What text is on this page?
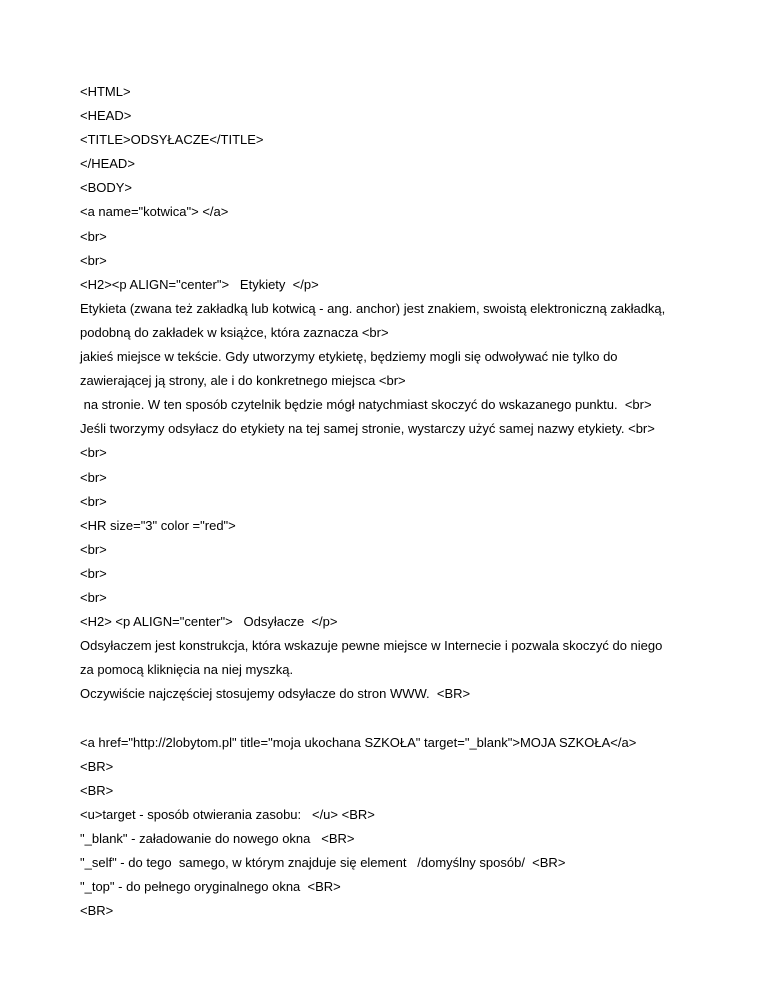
<HTML>
<HEAD>
<TITLE>ODSYŁACZE</TITLE>
</HEAD>
<BODY>
<a name="kotwica"> </a>
<br>
<br>
<H2><p ALIGN="center">   Etykiety  </p>
Etykieta (zwana też zakładką lub kotwicą - ang. anchor) jest znakiem, swoistą elektroniczną zakładką,
podobną do zakładek w książce, która zaznacza <br>
jakieś miejsce w tekście. Gdy utworzymy etykietę, będziemy mogli się odwoływać nie tylko do
zawierającej ją strony, ale i do konkretnego miejsca <br>
na stronie. W ten sposób czytelnik będzie mógł natychmiast skoczyć do wskazanego punktu.  <br>
Jeśli tworzymy odsyłacz do etykiety na tej samej stronie, wystarczy użyć samej nazwy etykiety. <br>
<br>
<br>
<br>
<HR size="3" color ="red">
<br>
<br>
<br>
<H2> <p ALIGN="center">   Odsyłacze  </p>
Odsyłaczem jest konstrukcja, która wskazuje pewne miejsce w Internecie i pozwala skoczyć do niego
za pomocą kliknięcia na niej myszką.
Oczywiście najczęściej stosujemy odsyłacze do stron WWW.  <BR>
<a href="http://2lobytom.pl" title="moja ukochana SZKOŁA" target="_blank">MOJA SZKOŁA</a>
<BR>
<BR>
<u>target - sposób otwierania zasobu:   </u> <BR>
"_blank" - załadowanie do nowego okna   <BR>
"_self" - do tego  samego, w którym znajduje się element   /domyślny sposób/  <BR>
"_top" - do pełnego oryginalnego okna  <BR>
<BR>
